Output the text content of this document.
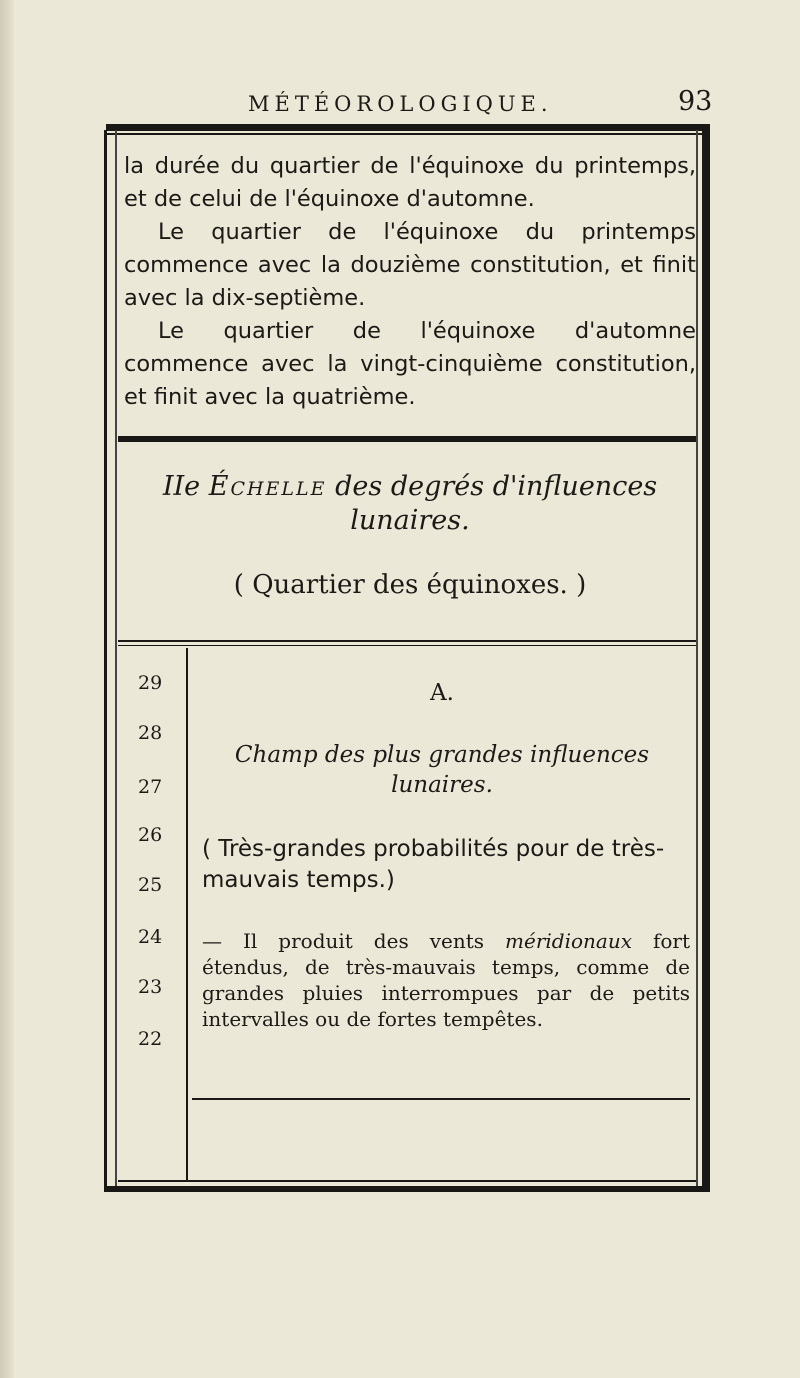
MÉTÉOROLOGIQUE.	93

la durée du quartier de l'équinoxe du printemps, et de celui de l'équinoxe d'automne.

Le quartier de l'équinoxe du printemps commence avec la douzième constitution, et finit avec la dix-septième.

Le quartier de l'équinoxe d'automne commence avec la vingt-cinquième constitution, et finit avec la quatrième.

IIe Échelle des degrés d'influences lunaires.
( Quartier des équinoxes. )
29
28
27
26
25
24
23
22
A.
Champ des plus grandes influences lunaires.

( Très-grandes probabilités pour de très-mauvais temps.)

— Il produit des vents méridionaux fort étendus, de très-mauvais temps, comme de grandes pluies interrompues par de petits intervalles ou de fortes tempêtes.
